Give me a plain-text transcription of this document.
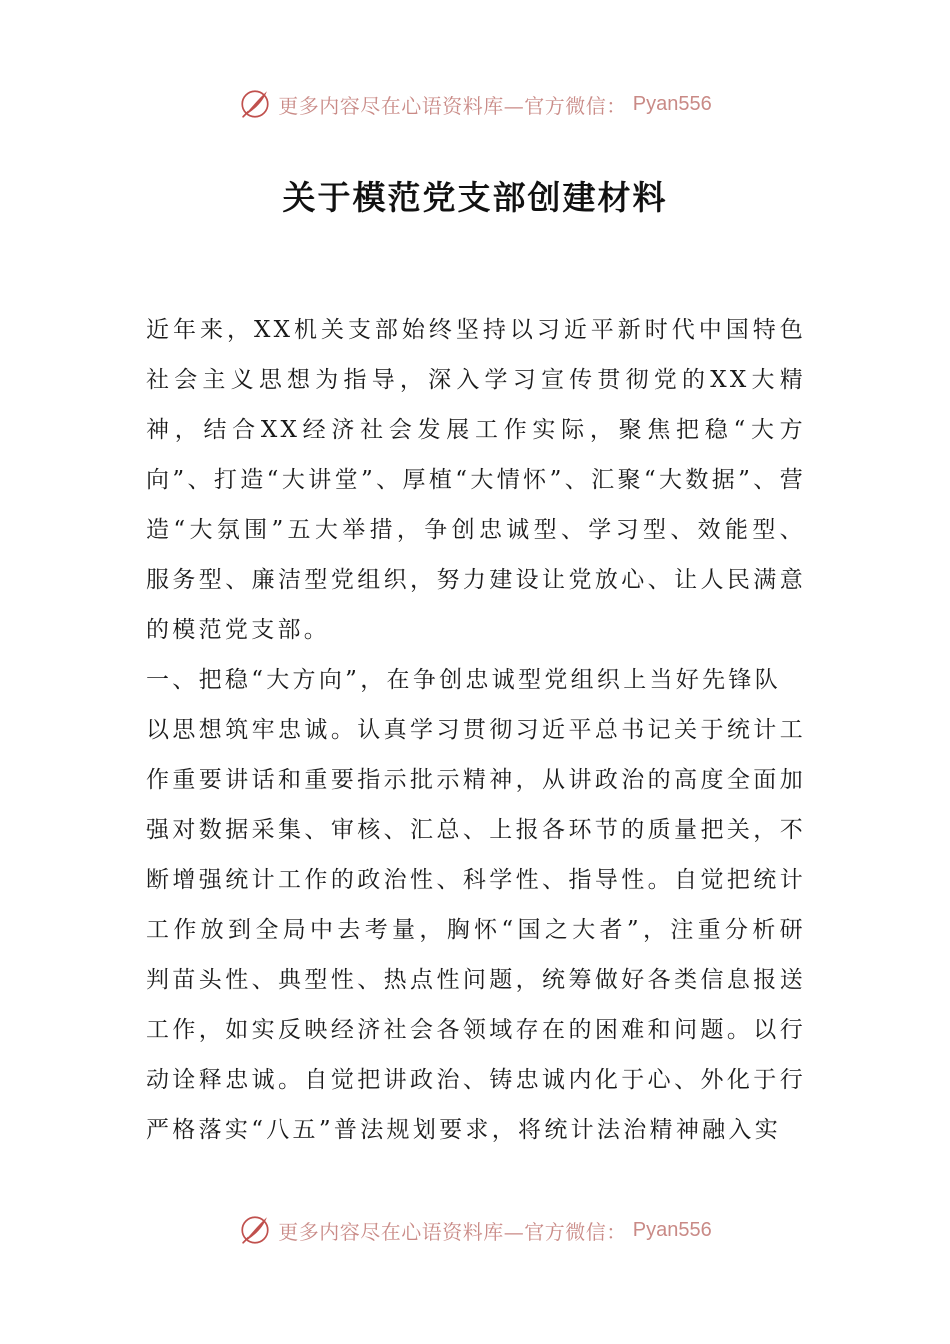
更多内容尽在心语资料库—官方微信： Pyan556
关于模范党支部创建材料

近年来，XX机关支部始终坚持以习近平新时代中国特色社会主义思想为指导，深入学习宣传贯彻党的XX大精神，结合XX经济社会发展工作实际，聚焦把稳“大方向”、打造“大讲堂”、厚植“大情怀”、汇聚“大数据”、营造“大氛围”五大举措，争创忠诚型、学习型、效能型、服务型、廉洁型党组织，努力建设让党放心、让人民满意的模范党支部。

一、把稳“大方向”，在争创忠诚型党组织上当好先锋队

以思想筑牢忠诚。认真学习贯彻习近平总书记关于统计工作重要讲话和重要指示批示精神，从讲政治的高度全面加强对数据采集、审核、汇总、上报各环节的质量把关，不断增强统计工作的政治性、科学性、指导性。自觉把统计工作放到全局中去考量，胸怀“国之大者”，注重分析研判苗头性、典型性、热点性问题，统筹做好各类信息报送工作，如实反映经济社会各领域存在的困难和问题。以行动诠释忠诚。自觉把讲政治、铸忠诚内化于心、外化于行严格落实“八五”普法规划要求，将统计法治精神融入实

更多内容尽在心语资料库—官方微信： Pyan556
